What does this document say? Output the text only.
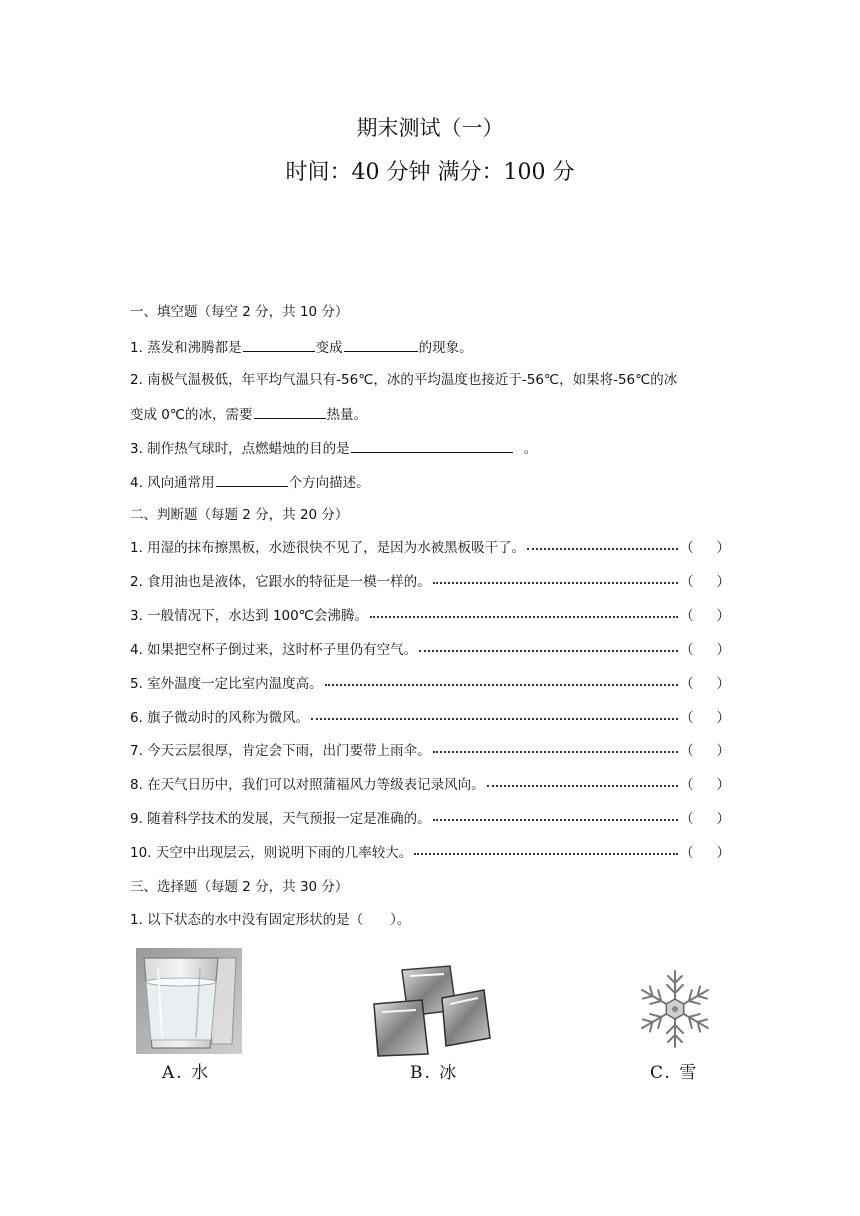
期末测试（一）
时间：40 分钟 满分：100 分
一、填空题（每空 2 分，共 10 分）
1. 蒸发和沸腾都是	变成	的现象。
2. 南极气温极低，年平均气温只有-56℃，冰的平均温度也接近于-56℃，如果将-56℃的冰
变成 0℃的冰，需要	热量。
3. 制作热气球时，点燃蜡烛的目的是	。
4. 风向通常用	个方向描述。
二、判断题（每题 2 分，共 20 分）
1. 用湿的抹布擦黑板，水迹很快不见了，是因为水被黑板吸干了。	（ ）
2. 食用油也是液体，它跟水的特征是一模一样的。	（ ）
3. 一般情况下，水达到 100℃会沸腾。	（ ）
4. 如果把空杯子倒过来，这时杯子里仍有空气。	（ ）
5. 室外温度一定比室内温度高。	（ ）
6. 旗子微动时的风称为微风。	（ ）
7. 今天云层很厚，肯定会下雨，出门要带上雨伞。	（ ）
8. 在天气日历中，我们可以对照蒲福风力等级表记录风向。	（ ）
9. 随着科学技术的发展，天气预报一定是准确的。	（ ）
10. 天空中出现层云，则说明下雨的几率较大。	（ ）
三、选择题（每题 2 分，共 30 分）
1. 以下状态的水中没有固定形状的是（　　）。
A. 水	B. 冰	C. 雪
